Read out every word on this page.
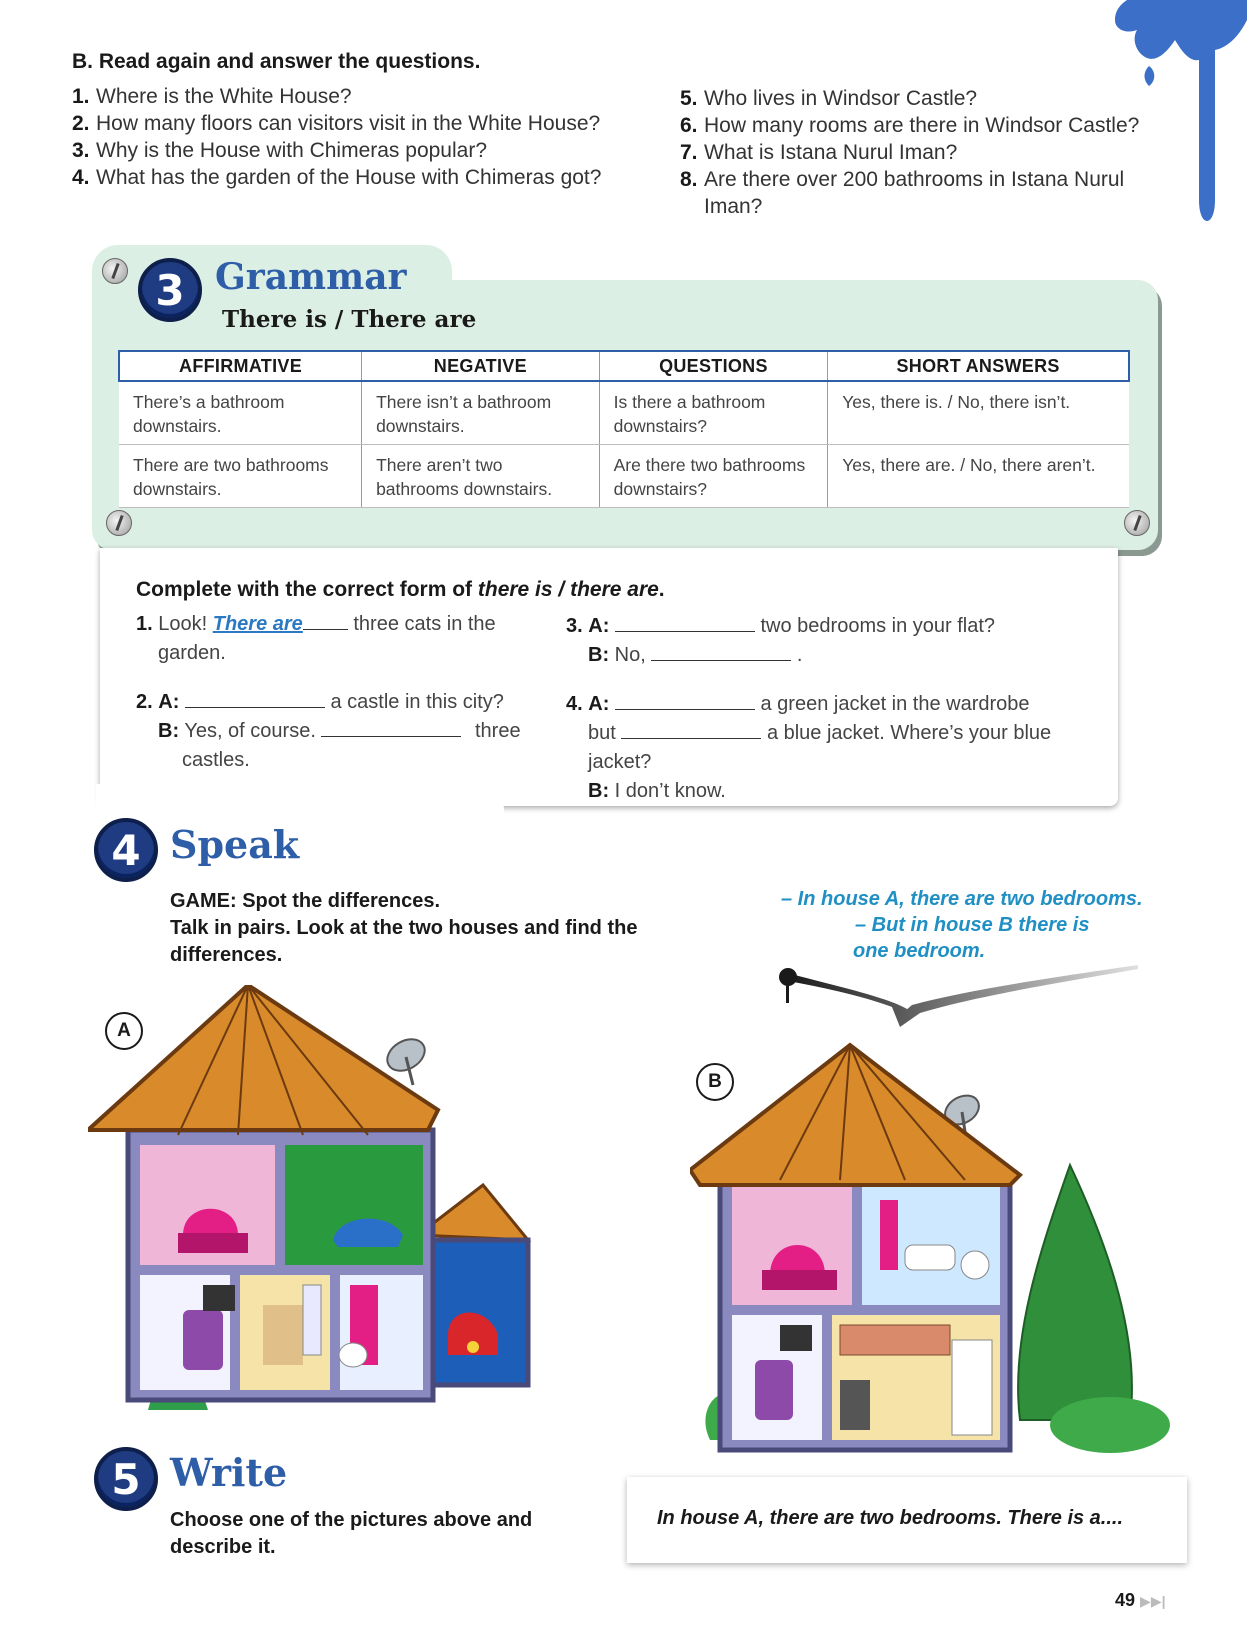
B. Read again and answer the questions.
1. Where is the White House?
2. How many floors can visitors visit in the White House?
3. Why is the House with Chimeras popular?
4. What has the garden of the House with Chimeras got?
5. Who lives in Windsor Castle?
6. How many rooms are there in Windsor Castle?
7. What is Istana Nurul Iman?
8. Are there over 200 bathrooms in Istana Nurul Iman?
3 Grammar
There is / There are
AFFIRMATIVE	NEGATIVE	QUESTIONS	SHORT ANSWERS
There’s a bathroom downstairs.	There isn’t a bathroom downstairs.	Is there a bathroom downstairs?	Yes, there is. / No, there isn’t.
There are two bathrooms downstairs.	There aren’t two bathrooms downstairs.	Are there two bathrooms downstairs?	Yes, there are. / No, there aren’t.
Complete with the correct form of there is / there are.
1. Look! There are	three cats in the
garden.
2. A:	a castle in this city?
B: Yes, of course.	three
castles.
3. A:	two bedrooms in your flat?
B: No,	.
4. A:	a green jacket in the wardrobe
but	a blue jacket. Where’s your blue
jacket?
B: I don’t know.
4 Speak
GAME: Spot the differences.
Talk in pairs. Look at the two houses and find the differences.
– In house A, there are two bedrooms.
– But in house B there is
one bedroom.
A
B
5 Write
Choose one of the pictures above and describe it.
In house A, there are two bedrooms. There is a....
49 ▶▶|
